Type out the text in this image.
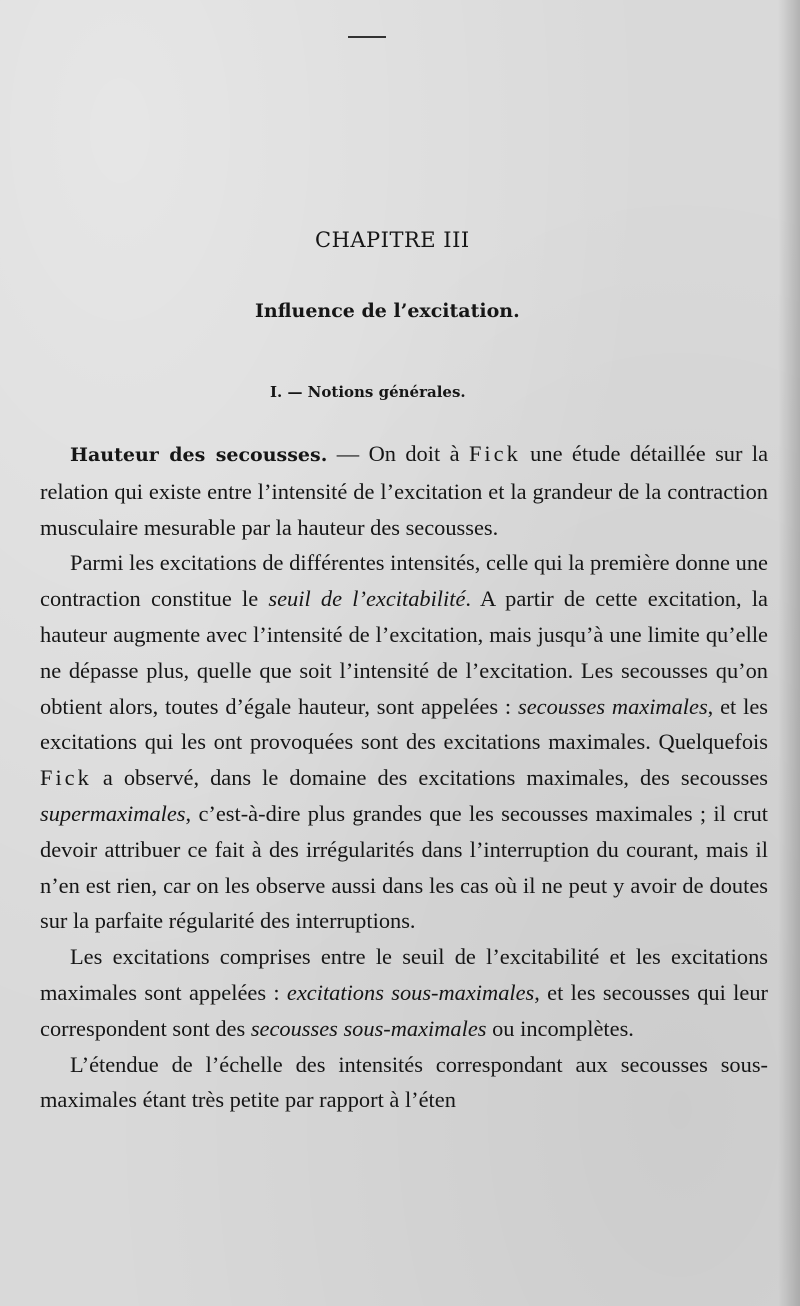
CHAPITRE III
Influence de l’excitation.
I. — Notions générales.

Hauteur des secousses. — On doit à Fick une étude détaillée sur la relation qui existe entre l’intensité de l’excitation et la grandeur de la contraction musculaire mesurable par la hauteur des secousses.

Parmi les excitations de différentes intensités, celle qui la première donne une contraction constitue le seuil de l’excitabilité. A partir de cette excitation, la hauteur augmente avec l’intensité de l’excitation, mais jusqu’à une limite qu’elle ne dépasse plus, quelle que soit l’intensité de l’excitation. Les secousses qu’on obtient alors, toutes d’égale hauteur, sont appelées : secousses maximales, et les excitations qui les ont provoquées sont des excitations maximales. Quelquefois Fick a observé, dans le domaine des excitations maximales, des secousses supermaximales, c’est-à-dire plus grandes que les secousses maximales ; il crut devoir attribuer ce fait à des irrégularités dans l’interruption du courant, mais il n’en est rien, car on les observe aussi dans les cas où il ne peut y avoir de doutes sur la parfaite régularité des interruptions.

Les excitations comprises entre le seuil de l’excitabilité et les excitations maximales sont appelées : excitations sous-maximales, et les secousses qui leur correspondent sont des secousses sous-maximales ou incomplètes.

L’étendue de l’échelle des intensités correspondant aux secousses sous-maximales étant très petite par rapport à l’éten
